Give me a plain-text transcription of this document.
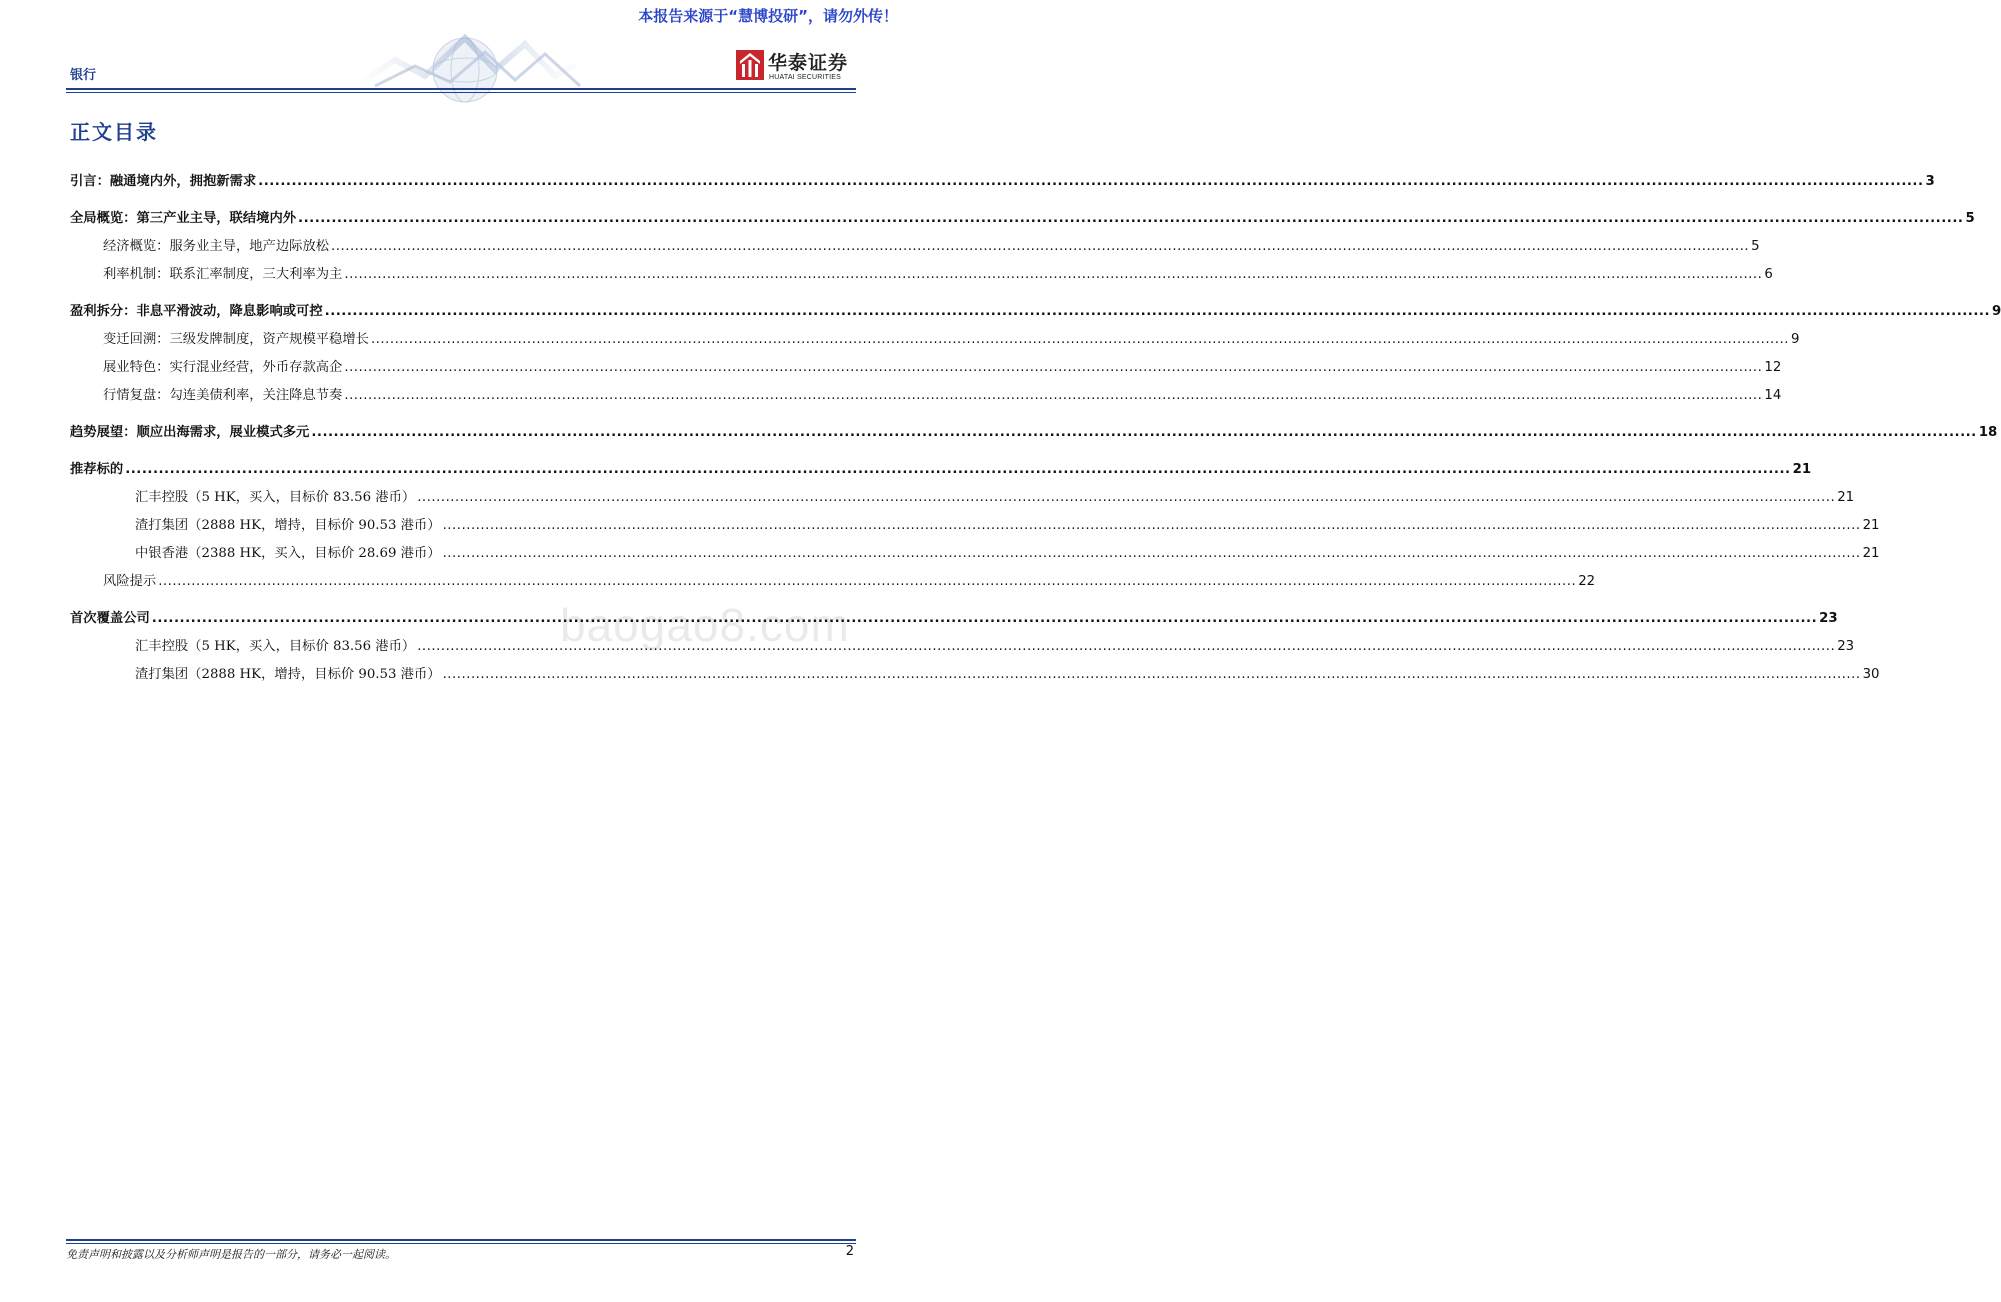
本报告来源于“慧博投研”，请勿外传！
银行
华泰证券
HUATAI SECURITIES
baogao8.com
正文目录
引言：融通境内外，拥抱新需求 ............................................................................................................................................................................................................................................................................................................ 3
全局概览：第三产业主导，联结境内外 ............................................................................................................................................................................................................................................................................................................ 5
经济概览：服务业主导，地产边际放松 ............................................................................................................................................................................................................................................................................................................ 5
利率机制：联系汇率制度，三大利率为主 ............................................................................................................................................................................................................................................................................................................ 6
盈利拆分：非息平滑波动，降息影响或可控 ............................................................................................................................................................................................................................................................................................................ 9
变迁回溯：三级发牌制度，资产规模平稳增长 ............................................................................................................................................................................................................................................................................................................ 9
展业特色：实行混业经营，外币存款高企 ............................................................................................................................................................................................................................................................................................................ 12
行情复盘：勾连美债利率，关注降息节奏 ............................................................................................................................................................................................................................................................................................................ 14
趋势展望：顺应出海需求，展业模式多元 ............................................................................................................................................................................................................................................................................................................ 18
推荐标的 ............................................................................................................................................................................................................................................................................................................ 21
汇丰控股（5 HK，买入，目标价 83.56 港币） ............................................................................................................................................................................................................................................................................................................ 21
渣打集团（2888 HK，增持，目标价 90.53 港币） ............................................................................................................................................................................................................................................................................................................ 21
中银香港（2388 HK，买入，目标价 28.69 港币） ............................................................................................................................................................................................................................................................................................................ 21
风险提示 ............................................................................................................................................................................................................................................................................................................ 22
首次覆盖公司 ............................................................................................................................................................................................................................................................................................................ 23
汇丰控股（5 HK，买入，目标价 83.56 港币） ............................................................................................................................................................................................................................................................................................................ 23
渣打集团（2888 HK，增持，目标价 90.53 港币） ............................................................................................................................................................................................................................................................................................................ 30
免责声明和披露以及分析师声明是报告的一部分，请务必一起阅读。	2
